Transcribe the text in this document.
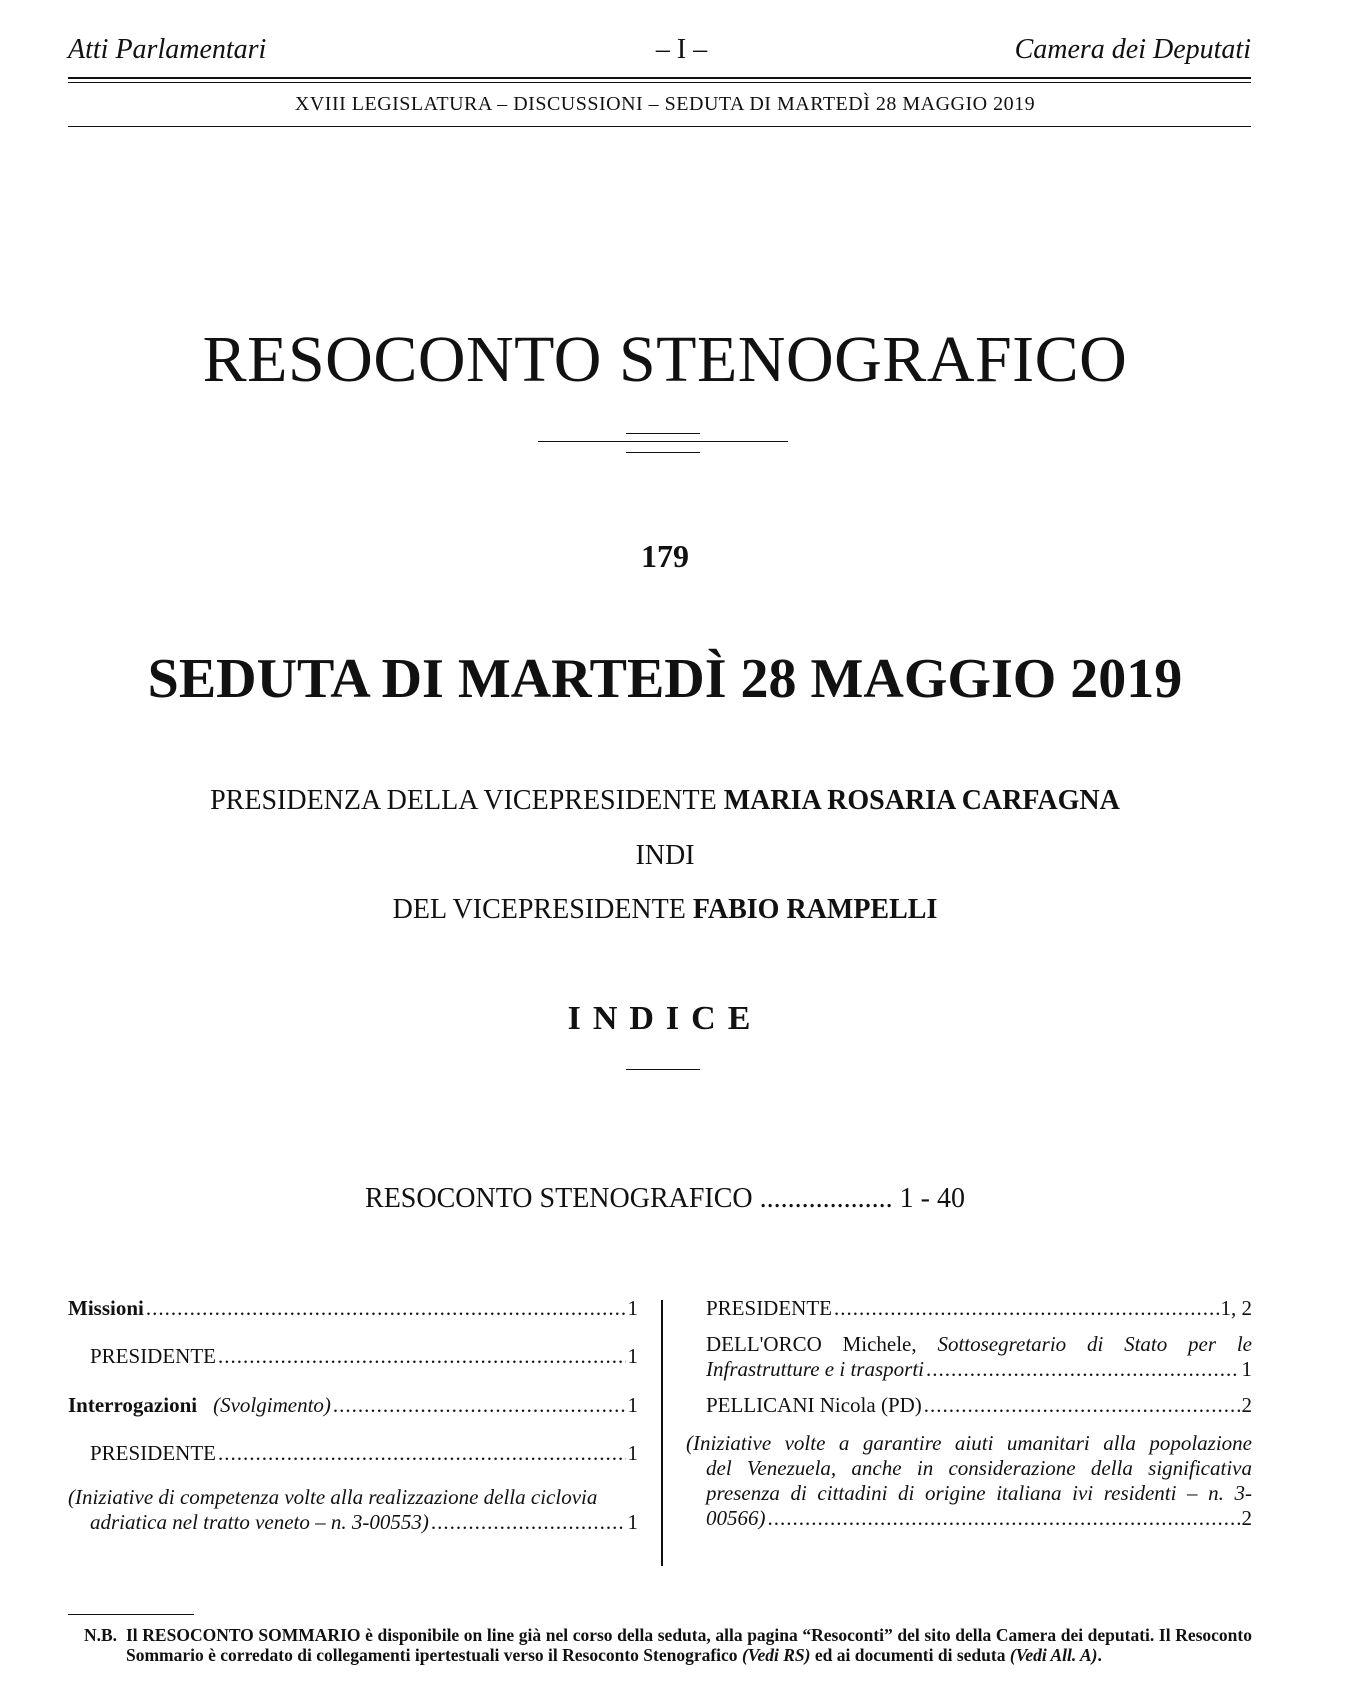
Atti Parlamentari	– I –	Camera dei Deputati
XVIII LEGISLATURA – DISCUSSIONI – SEDUTA DI MARTEDÌ 28 MAGGIO 2019
RESOCONTO STENOGRAFICO
179
SEDUTA DI MARTEDÌ 28 MAGGIO 2019
PRESIDENZA DELLA VICEPRESIDENTE MARIA ROSARIA CARFAGNA
INDI
DEL VICEPRESIDENTE FABIO RAMPELLI
INDICE
RESOCONTO STENOGRAFICO ................... 1 - 40
Missioni .....	1
PRESIDENTE .....	1
Interrogazioni (Svolgimento) .....	1
PRESIDENTE .....	1
(Iniziative di competenza volte alla realizzazione della ciclovia
adriatica nel tratto veneto – n. 3-00553) .....	1
PRESIDENTE .....	1, 2
DELL'ORCO Michele, Sottosegretario di Stato per le
Infrastrutture e i trasporti .....	1
PELLICANI Nicola (PD) .....	2
(Iniziative volte a garantire aiuti umanitari alla popolazione
del Venezuela, anche in considerazione della significativa
presenza di cittadini di origine italiana ivi residenti – n. 3-
00566) .....	2
N.B. Il RESOCONTO SOMMARIO è disponibile on line già nel corso della seduta, alla pagina “Resoconti” del sito della Camera dei deputati. Il Resoconto Sommario è corredato di collegamenti ipertestuali verso il Resoconto Stenografico (Vedi RS) ed ai documenti di seduta (Vedi All. A).
